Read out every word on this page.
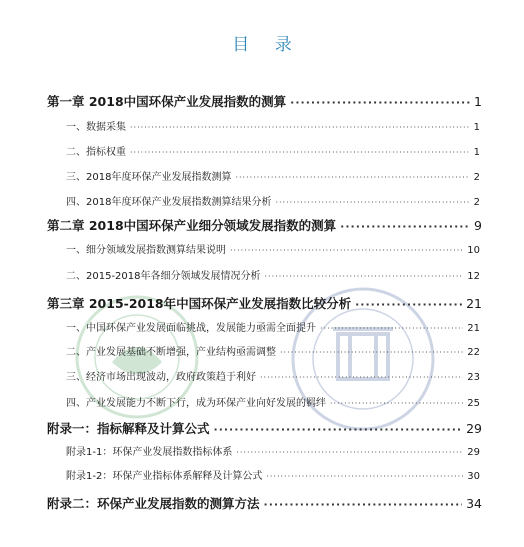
目 录
第一章 2018中国环保产业发展指数的测算 ·····	1
一、数据采集 ·····	1
二、指标权重 ·····	1
三、2018年度环保产业发展指数测算 ·····	2
四、2018年度环保产业发展指数测算结果分析 ·····	2
第二章 2018中国环保产业细分领域发展指数的测算 ·····	9
一、细分领域发展指数测算结果说明 ·····	10
二、2015-2018年各细分领域发展情况分析 ·····	12
第三章 2015-2018年中国环保产业发展指数比较分析 ·····	21
一、中国环保产业发展面临挑战，发展能力亟需全面提升 ·····	21
二、产业发展基础不断增强，产业结构亟需调整 ·····	22
三、经济市场出现波动，政府政策趋于利好 ·····	23
四、产业发展能力不断下行，成为环保产业向好发展的羁绊 ·····	25
附录一：指标解释及计算公式 ·····	29
附录1-1：环保产业发展指数指标体系 ·····	29
附录1-2：环保产业指标体系解释及计算公式 ·····	30
附录二：环保产业发展指数的测算方法 ·····	34
